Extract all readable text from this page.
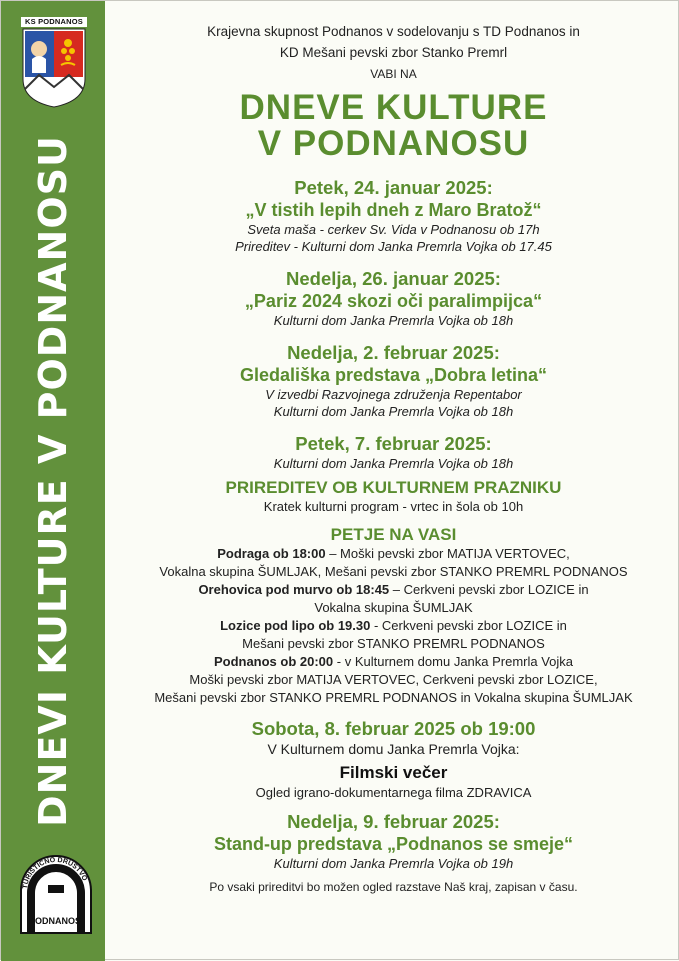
KS PODNANOS
DNEVI KULTURE V PODNANOSU
TURISTIČNO DRUŠTVO
PODNANOS
Krajevna skupnost Podnanos v sodelovanju s TD Podnanos in
KD Mešani pevski zbor Stanko Premrl
VABI NA
DNEVE KULTURE
V PODNANOSU
Petek, 24. januar 2025:
„V tistih lepih dneh z Maro Bratož“
Sveta maša - cerkev Sv. Vida v Podnanosu ob 17h
Prireditev - Kulturni dom Janka Premrla Vojka ob 17.45
Nedelja, 26. januar 2025:
„Pariz 2024 skozi oči paralimpijca“
Kulturni dom Janka Premrla Vojka ob 18h
Nedelja, 2. februar 2025:
Gledališka predstava „Dobra letina“
V izvedbi Razvojnega združenja Repentabor
Kulturni dom Janka Premrla Vojka ob 18h
Petek, 7. februar 2025:
Kulturni dom Janka Premrla Vojka ob 18h
PRIREDITEV OB KULTURNEM PRAZNIKU
Kratek kulturni program - vrtec in šola ob 10h
PETJE NA VASI
Podraga ob 18:00 – Moški pevski zbor MATIJA VERTOVEC,
Vokalna skupina ŠUMLJAK, Mešani pevski zbor STANKO PREMRL PODNANOS
Orehovica pod murvo ob 18:45 – Cerkveni pevski zbor LOZICE in
Vokalna skupina ŠUMLJAK
Lozice pod lipo ob 19.30 - Cerkveni pevski zbor LOZICE in
Mešani pevski zbor STANKO PREMRL PODNANOS
Podnanos ob 20:00 - v Kulturnem domu Janka Premrla Vojka
Moški pevski zbor MATIJA VERTOVEC, Cerkveni pevski zbor LOZICE,
Mešani pevski zbor STANKO PREMRL PODNANOS in Vokalna skupina ŠUMLJAK
Sobota, 8. februar 2025 ob 19:00
V Kulturnem domu Janka Premrla Vojka:
Filmski večer
Ogled igrano-dokumentarnega filma ZDRAVICA
Nedelja, 9. februar 2025:
Stand-up predstava „Podnanos se smeje“
Kulturni dom Janka Premrla Vojka ob 19h
Po vsaki prireditvi bo možen ogled razstave Naš kraj, zapisan v času.
